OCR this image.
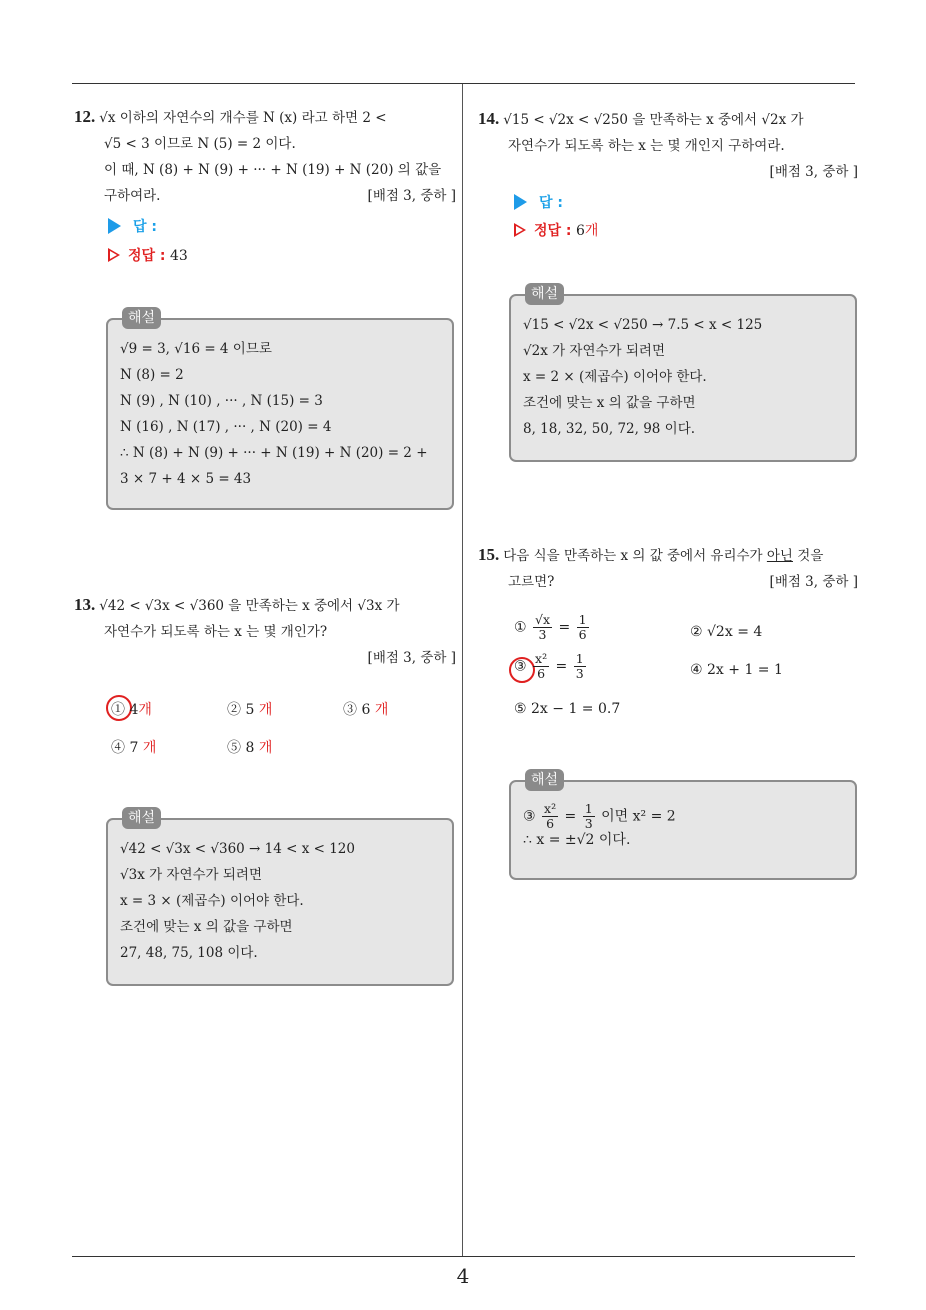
4
12. √x 이하의 자연수의 개수를 N (x) 라고 하면 2 <
√5 < 3 이므로 N (5) = 2 이다.
이 때, N (8) + N (9) + ··· + N (19) + N (20) 의 값을
구하여라.	[배점 3, 중하 ]
답 :
정답 : 43
해설
√9 = 3, √16 = 4 이므로
N (8) = 2
N (9) , N (10) , ··· , N (15) = 3
N (16) , N (17) , ··· , N (20) = 4
∴ N (8) + N (9) + ··· + N (19) + N (20) = 2 +
3 × 7 + 4 × 5 = 43
13. √42 < √3x < √360 을 만족하는 x 중에서 √3x 가
자연수가 되도록 하는 x 는 몇 개인가?
[배점 3, 중하 ]
① 4개	② 5 개	③ 6 개
④ 7 개	⑤ 8 개
해설
√42 < √3x < √360 → 14 < x < 120
√3x 가 자연수가 되려면
x = 3 × (제곱수) 이어야 한다.
조건에 맞는 x 의 값을 구하면
27, 48, 75, 108 이다.
14. √15 < √2x < √250 을 만족하는 x 중에서 √2x 가
자연수가 되도록 하는 x 는 몇 개인지 구하여라.
[배점 3, 중하 ]
답 :
정답 : 6개
해설
√15 < √2x < √250 → 7.5 < x < 125
√2x 가 자연수가 되려면
x = 2 × (제곱수) 이어야 한다.
조건에 맞는 x 의 값을 구하면
8, 18, 32, 50, 72, 98 이다.
15. 다음 식을 만족하는 x 의 값 중에서 유리수가 아닌 것을
고르면?	[배점 3, 중하 ]
① $\frac{√x}{3} = \frac{1}{6}$	② √2x = 4
③ $\frac{\text{x²}}{6} = \frac{1}{3}$	④ 2x + 1 = 1
⑤ 2x − 1 = 0.7̇
해설
③ $\frac{\text{x²}}{6} = \frac{1}{3}$ 이면 x² = 2
∴ x = ±√2 이다.
